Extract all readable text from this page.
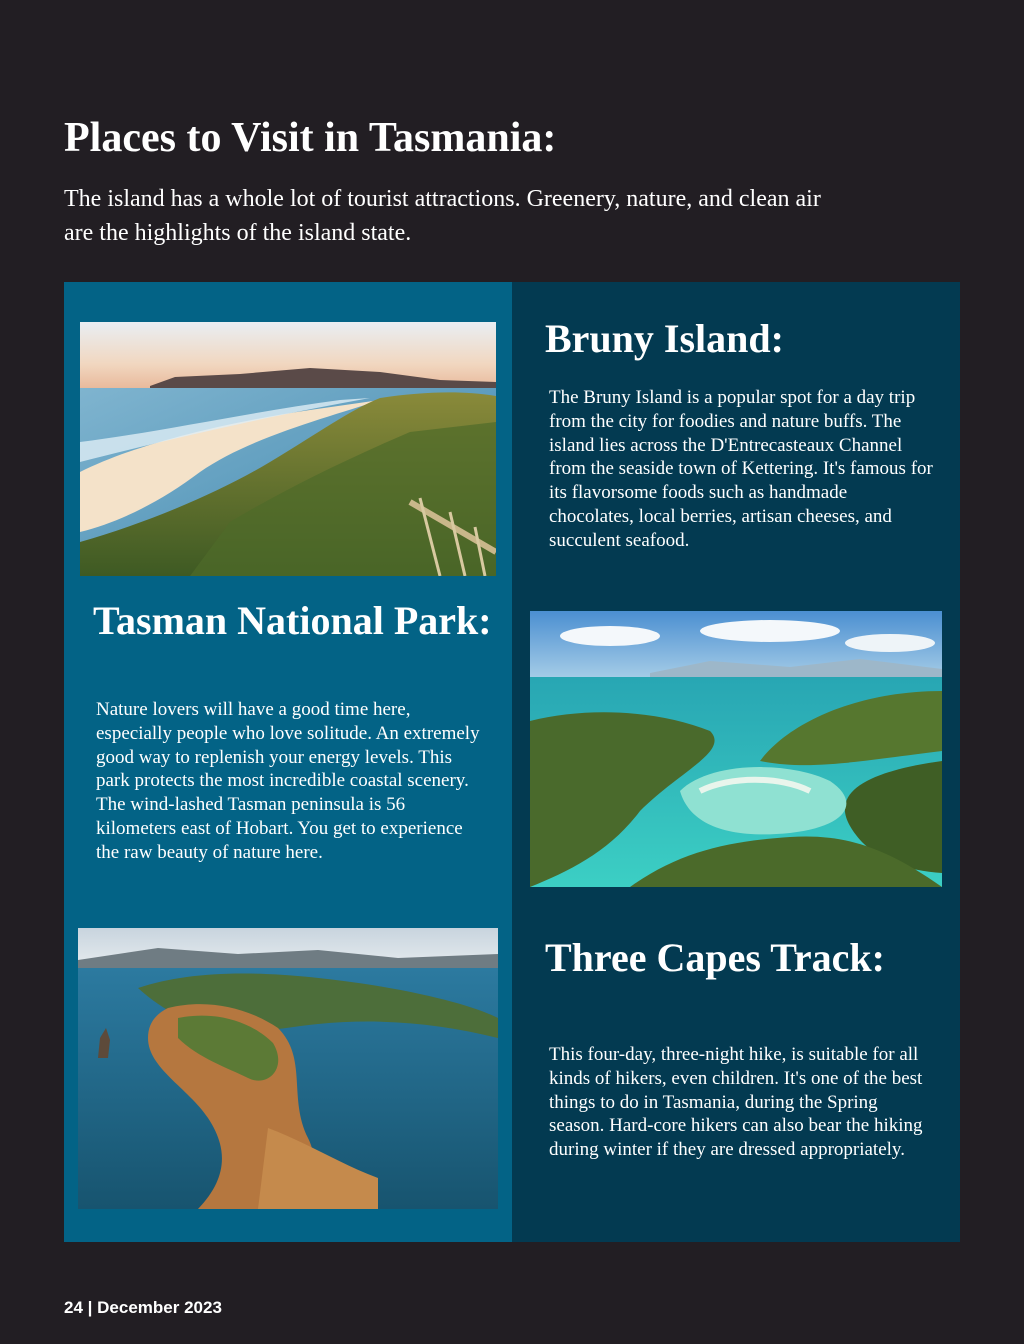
Places to Visit in Tasmania:

The island has a whole lot of tourist attractions. Greenery, nature, and clean air are the highlights of the island state.

Bruny Island:

The Bruny Island is a popular spot for a day trip from the city for foodies and nature buffs. The island lies across the D'Entrecasteaux Channel from the seaside town of Kettering. It's famous for its flavorsome foods such as handmade chocolates, local berries, artisan cheeses, and succulent seafood.

Tasman National Park:

Nature lovers will have a good time here, especially people who love solitude. An extremely good way to replenish your energy levels. This park protects the most incredible coastal scenery. The wind-lashed Tasman peninsula is 56 kilometers east of Hobart. You get to experience the raw beauty of nature here.

Three Capes Track:

This four-day, three-night hike, is suitable for all kinds of hikers, even children. It's one of the best things to do in Tasmania, during the Spring season. Hard-core hikers can also bear the hiking during winter if they are dressed appropriately.

24 | December 2023
